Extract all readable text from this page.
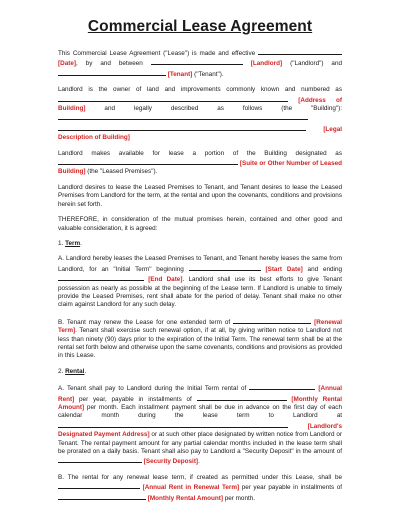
Commercial Lease Agreement

This Commercial Lease Agreement ("Lease") is made and effective  [Date], by and between	[Landlord] ("Landlord") and  [Tenant] ("Tenant").

Landlord is the owner of land and improvements commonly known and numbered as  [Address of Building]	and legally described as follows (the "Building"):   [Legal Description of Building]

Landlord makes available for lease a portion of the Building designated as  [Suite or Other Number of Leased Building] (the "Leased Premises").

Landlord desires to lease the Leased Premises to Tenant, and Tenant desires to lease the Leased Premises from Landlord for the term, at the rental and upon the covenants, conditions and provisions herein set forth.

THEREFORE, in consideration of the mutual promises herein, contained and other good and valuable consideration, it is agreed:

1. Term.

A. Landlord hereby leases the Leased Premises to Tenant, and Tenant hereby leases the same from Landlord, for an "Initial Term" beginning	[Start Date] and ending  [End Date]. Landlord shall use its best efforts to give Tenant possession as nearly as possible at the beginning of the Lease term. If Landlord is unable to timely provide the Leased Premises, rent shall abate for the period of delay. Tenant shall make no other claim against Landlord for any such delay.

B. Tenant may renew the Lease for one extended term of	[Renewal Term]. Tenant shall exercise such renewal option, if at all, by giving written notice to Landlord not less than ninety (90) days prior to the expiration of the Initial Term. The renewal term shall be at the rental set forth below and otherwise upon the same covenants, conditions and provisions as provided in this Lease.

2. Rental.

A. Tenant shall pay to Landlord during the Initial Term rental of	[Annual Rent] per year, payable in installments of	[Monthly Rental Amount] per month. Each installment payment shall be due in advance on the first day of each calendar month during the lease term to Landlord at  [Landlord's Designated Payment Address] or at such other place designated by written notice from Landlord or Tenant. The rental payment amount for any partial calendar months included in the lease term shall be prorated on a daily basis. Tenant shall also pay to Landlord a "Security Deposit" in the amount of  [Security Deposit].

B. The rental for any renewal lease term, if created as permitted under this Lease, shall be  [Annual Rent in Renewal Term] per year payable in installments of  [Monthly Rental Amount] per month.
